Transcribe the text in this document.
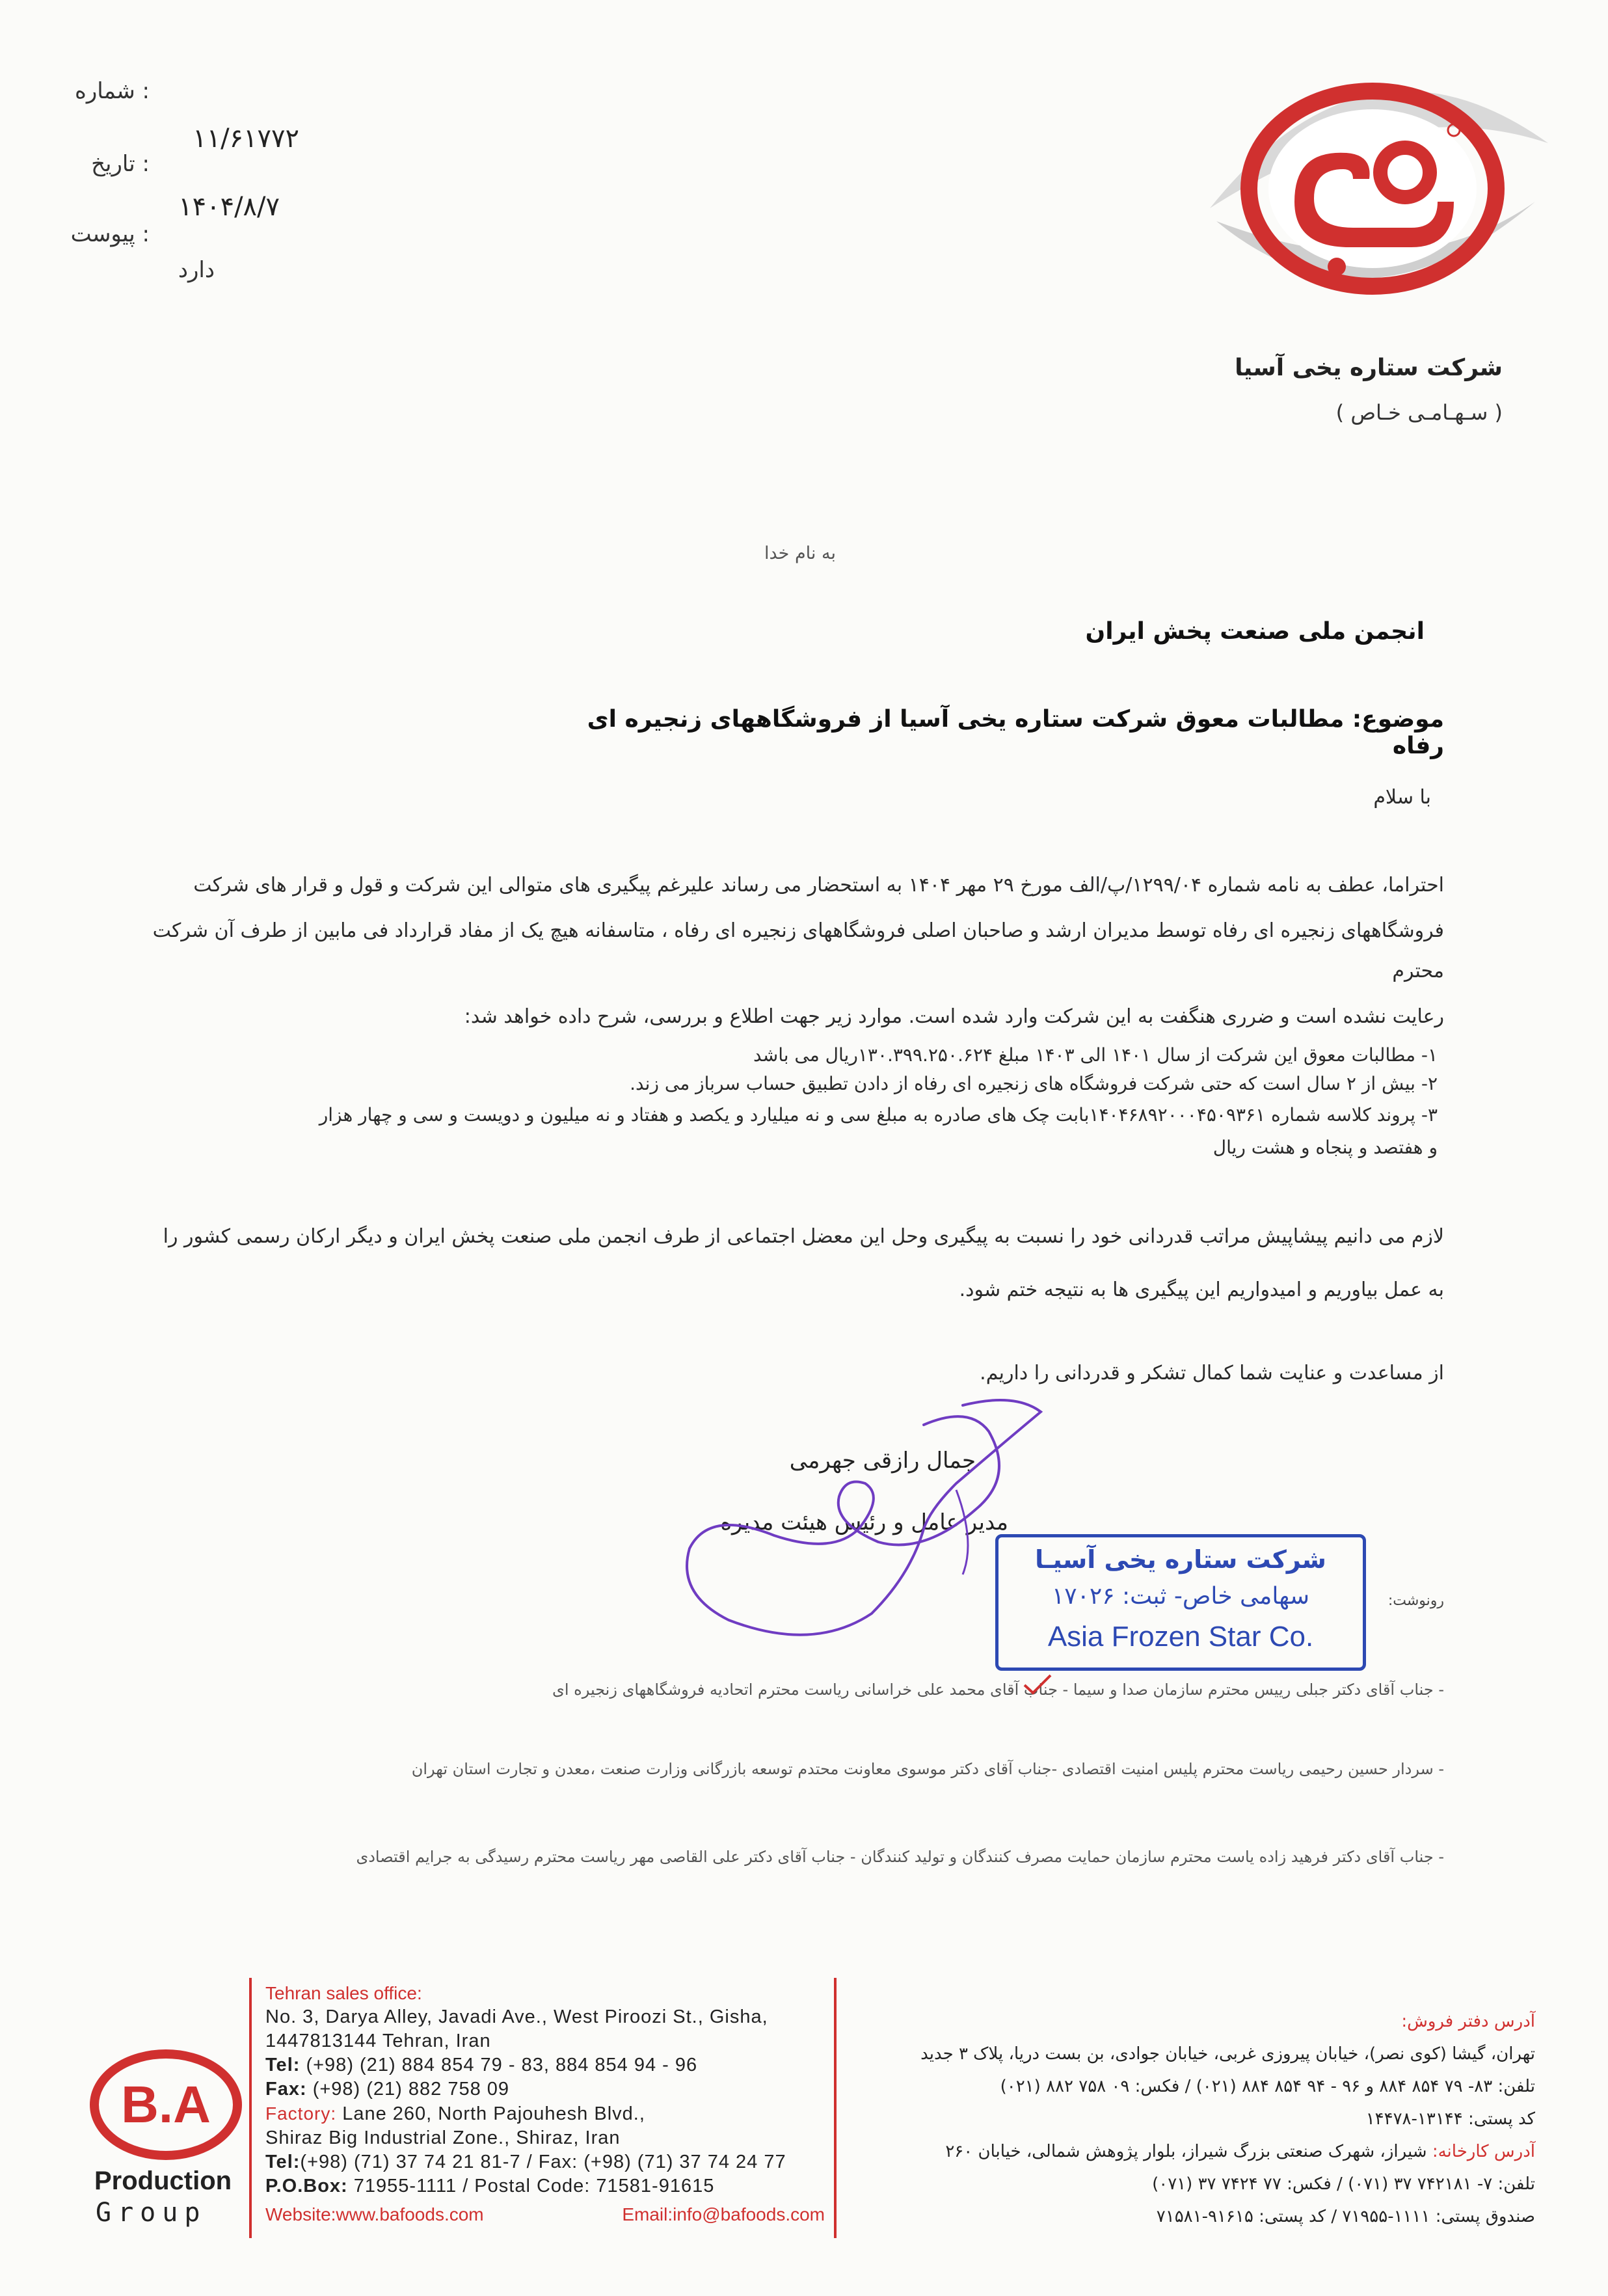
: شماره
۱۱/۶۱۷۷۲
: تاریخ
۱۴۰۴/۸/۷
: پیوست
دارد
شرکت ستاره یخی آسیا
( سـهـامـی خـاص )
به نام خدا
انجمن ملی صنعت پخش ایران
موضوع: مطالبات معوق شرکت ستاره یخی آسیا از فروشگاههای زنجیره ای رفاه
با سلام
احتراما، عطف به نامه شماره ۱۲۹۹/۰۴/پ/الف مورخ ۲۹ مهر ۱۴۰۴ به استحضار می رساند علیرغم پیگیری های متوالی این شرکت و قول و قرار های شرکت
فروشگاههای زنجیره ای رفاه توسط مدیران ارشد و صاحبان اصلی فروشگاههای زنجیره ای رفاه ، متاسفانه هیچ یک از مفاد قرارداد فی مابین از طرف آن شرکت محترم
رعایت نشده است و ضرری هنگفت به این شرکت وارد شده است. موارد زیر جهت اطلاع و بررسی، شرح داده خواهد شد:
۱- مطالبات معوق این شرکت از سال ۱۴۰۱ الی ۱۴۰۳ مبلغ ۱۳۰.۳۹۹.۲۵۰.۶۲۴ریال می باشد
۲- بیش از ۲ سال است که حتی شرکت فروشگاه های زنجیره ای رفاه از دادن تطبیق حساب سرباز می زند.
۳- پروند کلاسه شماره ۱۴۰۴۶۸۹۲۰۰۰۴۵۰۹۳۶۱بابت چک های صادره به مبلغ سی و نه میلیارد و یکصد و هفتاد و نه میلیون و دویست و سی و چهار هزار
و هفتصد و پنجاه و هشت ریال
لازم می دانیم پیشاپیش مراتب قدردانی خود را نسبت به پیگیری وحل این معضل اجتماعی از طرف انجمن ملی صنعت پخش ایران و دیگر ارکان رسمی کشور را
به عمل بیاوریم و امیدواریم این پیگیری ها به نتیجه ختم شود.
از مساعدت و عنایت شما کمال تشکر و قدردانی را داریم.
جمال رازقی جهرمی
مدیر عامل و رئیس هیئت مدیره
شرکت ستاره یخی آسیـا
سهامی خاص- ثبت: ۱۷۰۲۶
Asia Frozen Star Co.
رونوشت:
- جناب آقای دکتر جبلی رییس محترم سازمان صدا و سیما - جناب آقای محمد علی خراسانی ریاست محترم اتحادیه فروشگاههای زنجیره ای
- سردار حسین رحیمی ریاست محترم پلیس امنیت اقتصادی -جناب آقای دکتر موسوی معاونت محتدم توسعه بازرگانی وزارت صنعت ،معدن و تجارت استان تهران
- جناب آقای دکتر فرهید زاده یاست محترم سازمان حمایت مصرف کنندگان و تولید کنندگان - جناب آقای دکتر علی القاصی مهر ریاست محترم رسیدگی به جرایم اقتصادی
Tehran sales office:
No. 3, Darya Alley, Javadi Ave., West Piroozi St., Gisha,
1447813144 Tehran, Iran
Tel: (+98) (21) 884 854 79 - 83, 884 854 94 - 96
Fax: (+98) (21) 882 758 09
Factory: Lane 260, North Pajouhesh Blvd.,
Shiraz Big Industrial Zone., Shiraz, Iran
Tel:(+98) (71) 37 74 21 81-7 / Fax: (+98) (71) 37 74 24 77
P.O.Box: 71955-1111 / Postal Code: 71581-91615
Website:www.bafoods.com	Email:info@bafoods.com
آدرس دفتر فروش:
تهران، گیشا (کوی نصر)، خیابان پیروزی غربی، خیابان جوادی، بن بست دریا، پلاک ۳ جدید
تلفن: ۸۳- ۷۹ ۸۵۴ ۸۸۴ و ۹۶ - ۹۴ ۸۵۴ ۸۸۴ (۰۲۱) / فکس: ۰۹ ۷۵۸ ۸۸۲ (۰۲۱)
کد پستی: ۱۳۱۴۴-۱۴۴۷۸
آدرس کارخانه: شیراز، شهرک صنعتی بزرگ شیراز، بلوار پژوهش شمالی، خیابان ۲۶۰
تلفن: ۷- ۷۴۲۱۸۱ ۳۷ (۰۷۱) / فکس: ۷۷ ۷۴۲۴ ۳۷ (۰۷۱)
صندوق پستی: ۱۱۱۱-۷۱۹۵۵ / کد پستی: ۹۱۶۱۵-۷۱۵۸۱
B.A
Production
Group
